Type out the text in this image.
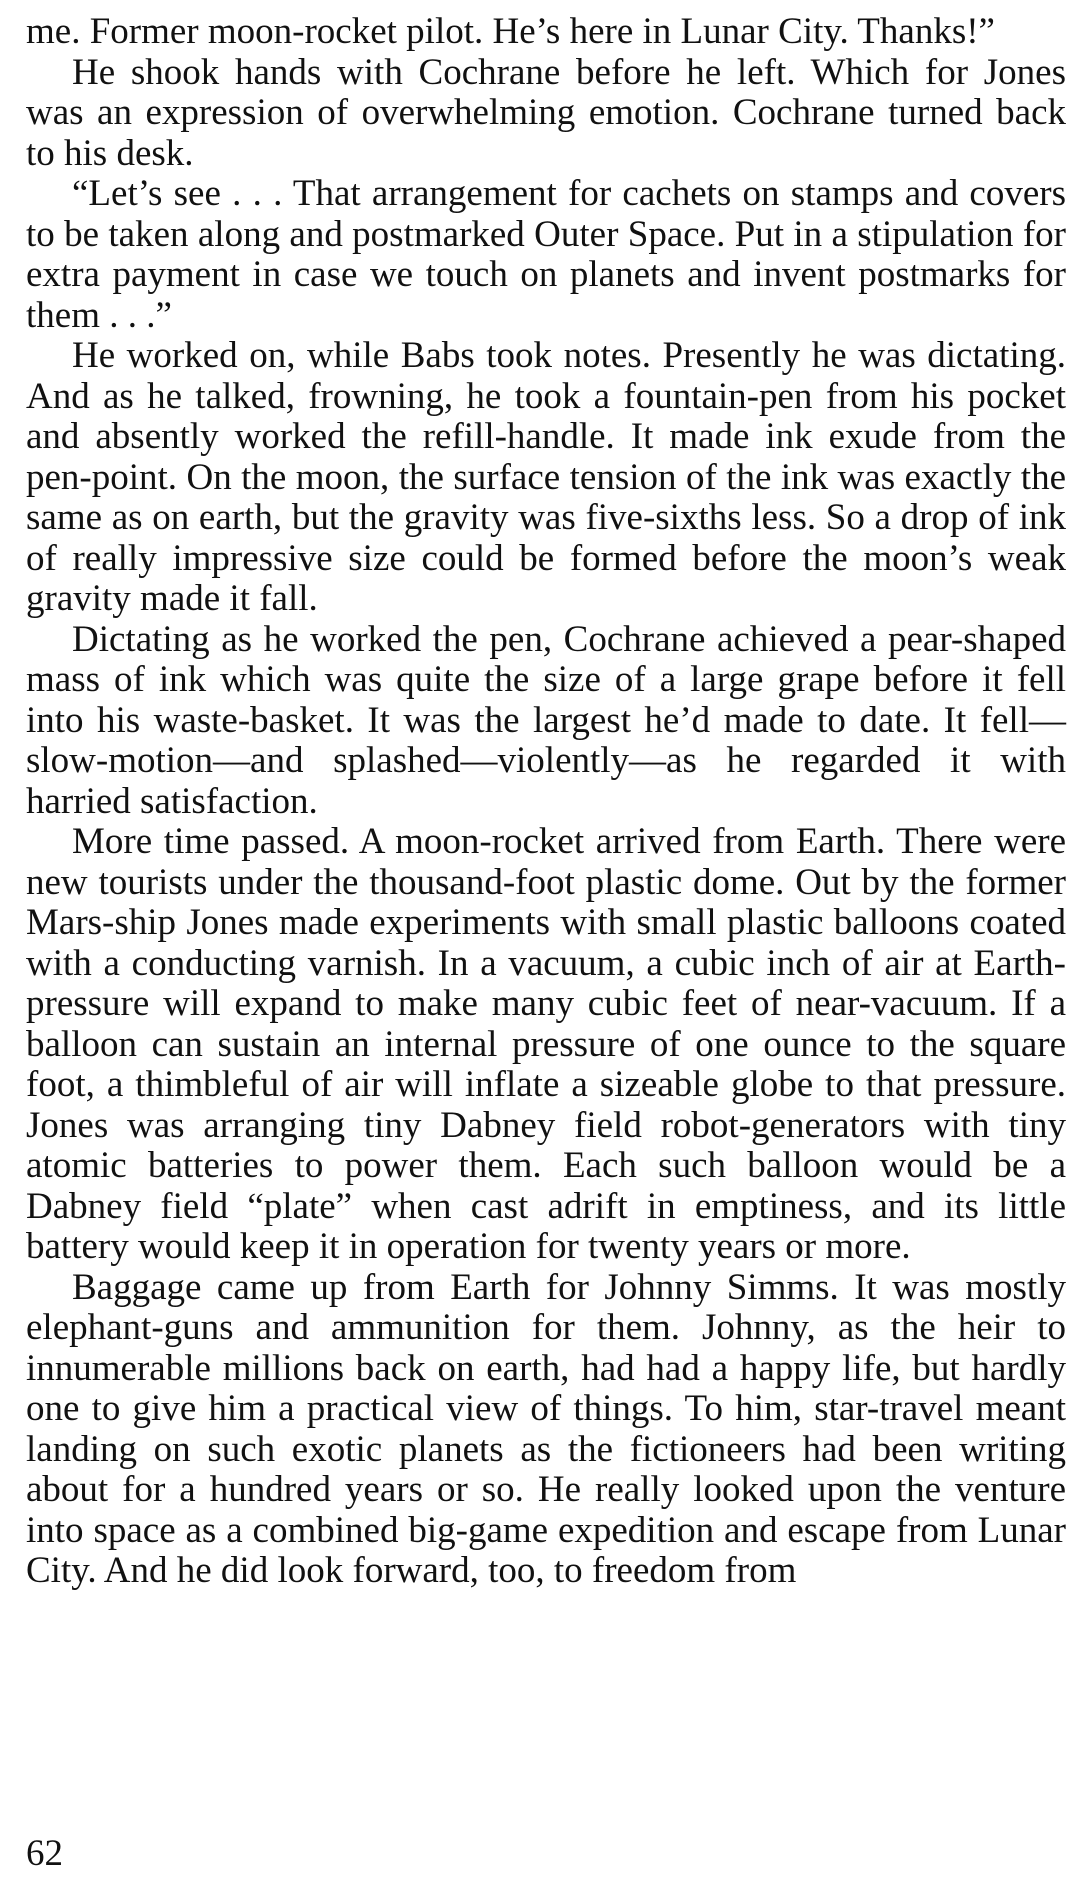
me. Former moon-rocket pilot. He’s here in Lunar City. Thanks!”

He shook hands with Cochrane before he left. Which for Jones was an expression of overwhelming emotion. Cochrane turned back to his desk.

“Let’s see . . . That arrangement for cachets on stamps and covers to be taken along and postmarked Outer Space. Put in a stipulation for extra payment in case we touch on planets and invent postmarks for them . . .”

He worked on, while Babs took notes. Presently he was dictating. And as he talked, frowning, he took a fountain-pen from his pocket and absently worked the refill-handle. It made ink exude from the pen-point. On the moon, the surface tension of the ink was exactly the same as on earth, but the gravity was five-sixths less. So a drop of ink of really impressive size could be formed before the moon’s weak gravity made it fall.

Dictating as he worked the pen, Cochrane achieved a pear-shaped mass of ink which was quite the size of a large grape before it fell into his waste-basket. It was the largest he’d made to date. It fell—slow-motion—and splashed—violently—as he regarded it with harried satisfaction.

More time passed. A moon-rocket arrived from Earth. There were new tourists under the thousand-foot plastic dome. Out by the former Mars-ship Jones made experiments with small plastic balloons coated with a conducting varnish. In a vacuum, a cubic inch of air at Earth-pressure will expand to make many cubic feet of near-vacuum. If a balloon can sustain an internal pressure of one ounce to the square foot, a thimbleful of air will inflate a sizeable globe to that pressure. Jones was arranging tiny Dabney field robot-generators with tiny atomic batteries to power them. Each such balloon would be a Dabney field “plate” when cast adrift in emptiness, and its little battery would keep it in operation for twenty years or more.

Baggage came up from Earth for Johnny Simms. It was mostly elephant-guns and ammunition for them. Johnny, as the heir to innumerable millions back on earth, had had a happy life, but hardly one to give him a practical view of things. To him, star-travel meant landing on such exotic planets as the fictioneers had been writing about for a hundred years or so. He really looked upon the venture into space as a combined big-game expedition and escape from Lunar City. And he did look forward, too, to freedom from

62
